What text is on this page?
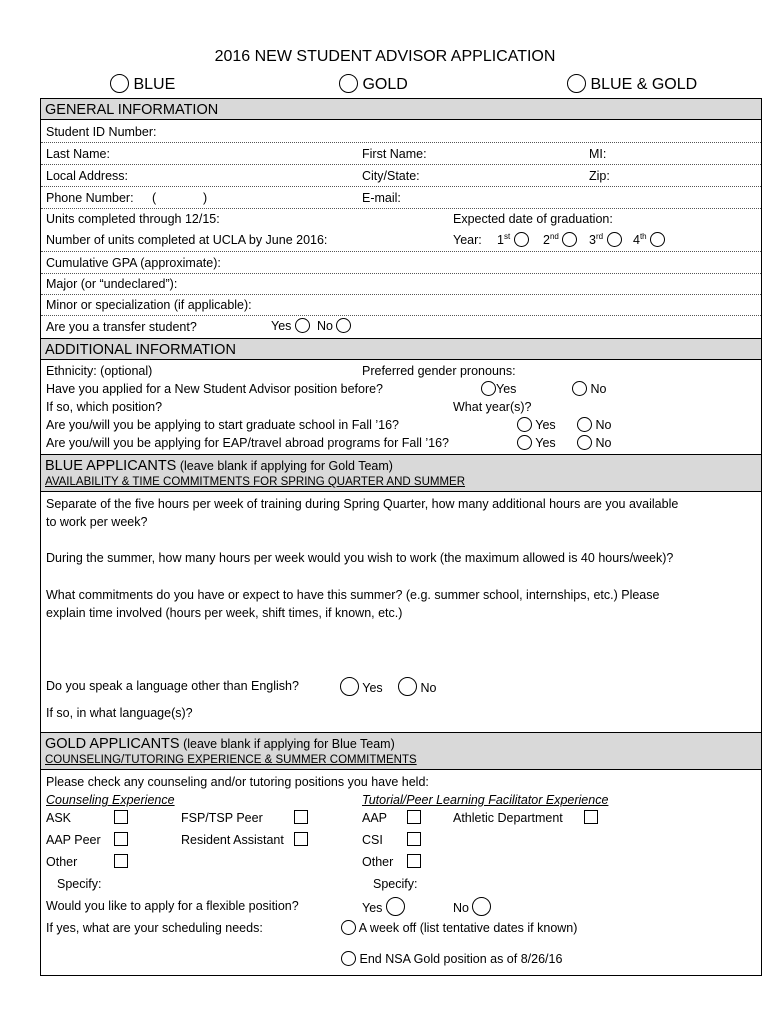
2016 NEW STUDENT ADVISOR APPLICATION
BLUE	GOLD	BLUE & GOLD
GENERAL INFORMATION
Student ID Number:
Last Name:	First Name:	MI:
Local Address:	City/State:	Zip:
Phone Number: (	)	E-mail:
Units completed through 12/15:	Expected date of graduation:
Number of units completed at UCLA by June 2016:	Year: 1st	2nd	3rd	4th
Cumulative GPA (approximate):
Major (or “undeclared”):
Minor or specialization (if applicable):
Are you a transfer student?	Yes	No
ADDITIONAL INFORMATION
Ethnicity: (optional)	Preferred gender pronouns:
Have you applied for a New Student Advisor position before?	Yes	No
If so, which position?	What year(s)?
Are you/will you be applying to start graduate school in Fall ’16?	Yes	No
Are you/will you be applying for EAP/travel abroad programs for Fall ’16?	Yes	No
BLUE APPLICANTS (leave blank if applying for Gold Team)
AVAILABILITY & TIME COMMITMENTS FOR SPRING QUARTER AND SUMMER
Separate of the five hours per week of training during Spring Quarter, how many additional hours are you available
to work per week?
During the summer, how many hours per week would you wish to work (the maximum allowed is 40 hours/week)?
What commitments do you have or expect to have this summer? (e.g. summer school, internships, etc.) Please
explain time involved (hours per week, shift times, if known, etc.)
Do you speak a language other than English?	Yes	No
If so, in what language(s)?
GOLD APPLICANTS (leave blank if applying for Blue Team)
COUNSELING/TUTORING EXPERIENCE & SUMMER COMMITMENTS
Please check any counseling and/or tutoring positions you have held:
Counseling Experience	Tutorial/Peer Learning Facilitator Experience
ASK	FSP/TSP Peer	AAP	Athletic Department
AAP Peer	Resident Assistant	CSI
Other	Other
Specify:	Specify:
Would you like to apply for a flexible position?	Yes	No
If yes, what are your scheduling needs:	A week off (list tentative dates if known)
End NSA Gold position as of 8/26/16
